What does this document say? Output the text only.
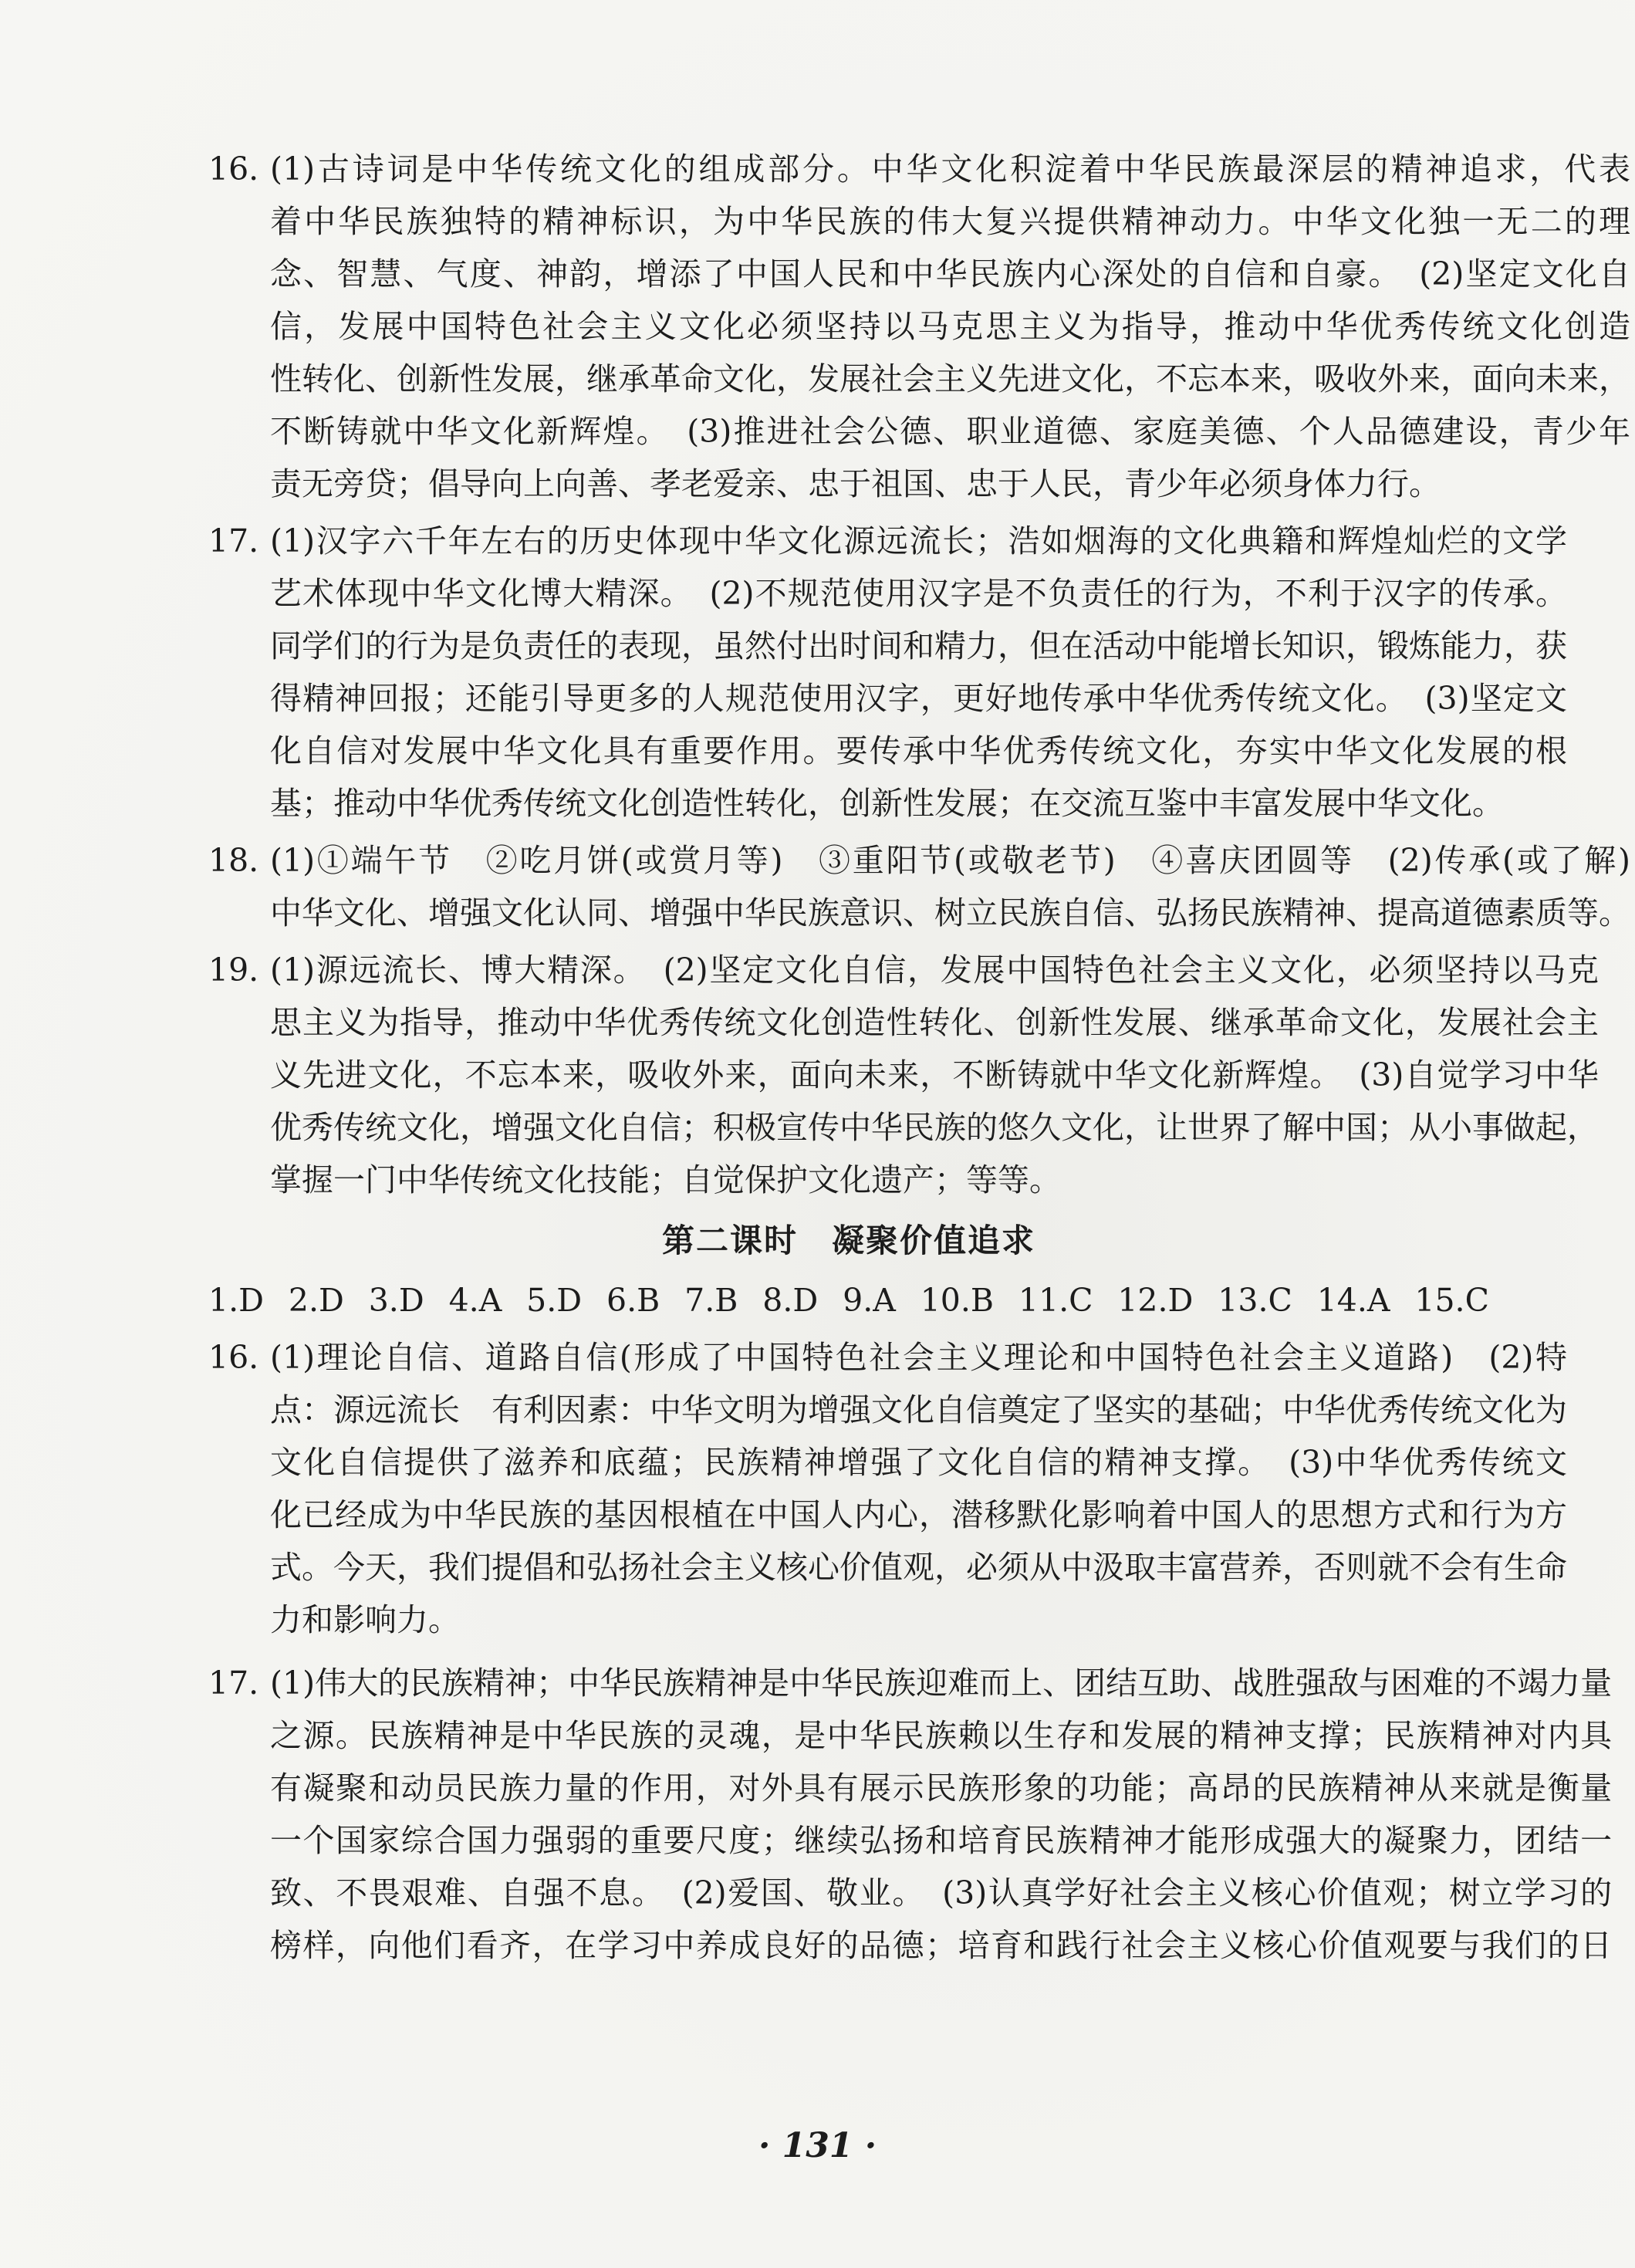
16. (1)古诗词是中华传统文化的组成部分。中华文化积淀着中华民族最深层的精神追求，代表
着中华民族独特的精神标识，为中华民族的伟大复兴提供精神动力。中华文化独一无二的理
念、智慧、气度、神韵，增添了中国人民和中华民族内心深处的自信和自豪。　(2)坚定文化自
信，发展中国特色社会主义文化必须坚持以马克思主义为指导，推动中华优秀传统文化创造
性转化、创新性发展，继承革命文化，发展社会主义先进文化，不忘本来，吸收外来，面向未来，
不断铸就中华文化新辉煌。　(3)推进社会公德、职业道德、家庭美德、个人品德建设，青少年
责无旁贷；倡导向上向善、孝老爱亲、忠于祖国、忠于人民，青少年必须身体力行。
17. (1)汉字六千年左右的历史体现中华文化源远流长；浩如烟海的文化典籍和辉煌灿烂的文学
艺术体现中华文化博大精深。　(2)不规范使用汉字是不负责任的行为，不利于汉字的传承。
同学们的行为是负责任的表现，虽然付出时间和精力，但在活动中能增长知识，锻炼能力，获
得精神回报；还能引导更多的人规范使用汉字，更好地传承中华优秀传统文化。　(3)坚定文
化自信对发展中华文化具有重要作用。要传承中华优秀传统文化，夯实中华文化发展的根
基；推动中华优秀传统文化创造性转化，创新性发展；在交流互鉴中丰富发展中华文化。
18. (1)①端午节　②吃月饼(或赏月等)　③重阳节(或敬老节)　④喜庆团圆等　(2)传承(或了解)
中华文化、增强文化认同、增强中华民族意识、树立民族自信、弘扬民族精神、提高道德素质等。
19. (1)源远流长、博大精深。　(2)坚定文化自信，发展中国特色社会主义文化，必须坚持以马克
思主义为指导，推动中华优秀传统文化创造性转化、创新性发展、继承革命文化，发展社会主
义先进文化，不忘本来，吸收外来，面向未来，不断铸就中华文化新辉煌。　(3)自觉学习中华
优秀传统文化，增强文化自信；积极宣传中华民族的悠久文化，让世界了解中国；从小事做起，
掌握一门中华传统文化技能；自觉保护文化遗产；等等。
第二课时　凝聚价值追求
1.D 2.D 3.D 4.A 5.D 6.B 7.B 8.D 9.A 10.B 11.C 12.D 13.C 14.A 15.C
16. (1)理论自信、道路自信(形成了中国特色社会主义理论和中国特色社会主义道路)　(2)特
点：源远流长　有利因素：中华文明为增强文化自信奠定了坚实的基础；中华优秀传统文化为
文化自信提供了滋养和底蕴；民族精神增强了文化自信的精神支撑。　(3)中华优秀传统文
化已经成为中华民族的基因根植在中国人内心，潜移默化影响着中国人的思想方式和行为方
式。今天，我们提倡和弘扬社会主义核心价值观，必须从中汲取丰富营养，否则就不会有生命
力和影响力。
17. (1)伟大的民族精神；中华民族精神是中华民族迎难而上、团结互助、战胜强敌与困难的不竭力量
之源。民族精神是中华民族的灵魂，是中华民族赖以生存和发展的精神支撑；民族精神对内具
有凝聚和动员民族力量的作用，对外具有展示民族形象的功能；高昂的民族精神从来就是衡量
一个国家综合国力强弱的重要尺度；继续弘扬和培育民族精神才能形成强大的凝聚力，团结一
致、不畏艰难、自强不息。　(2)爱国、敬业。　(3)认真学好社会主义核心价值观；树立学习的
榜样，向他们看齐，在学习中养成良好的品德；培育和践行社会主义核心价值观要与我们的日
· 131 ·
